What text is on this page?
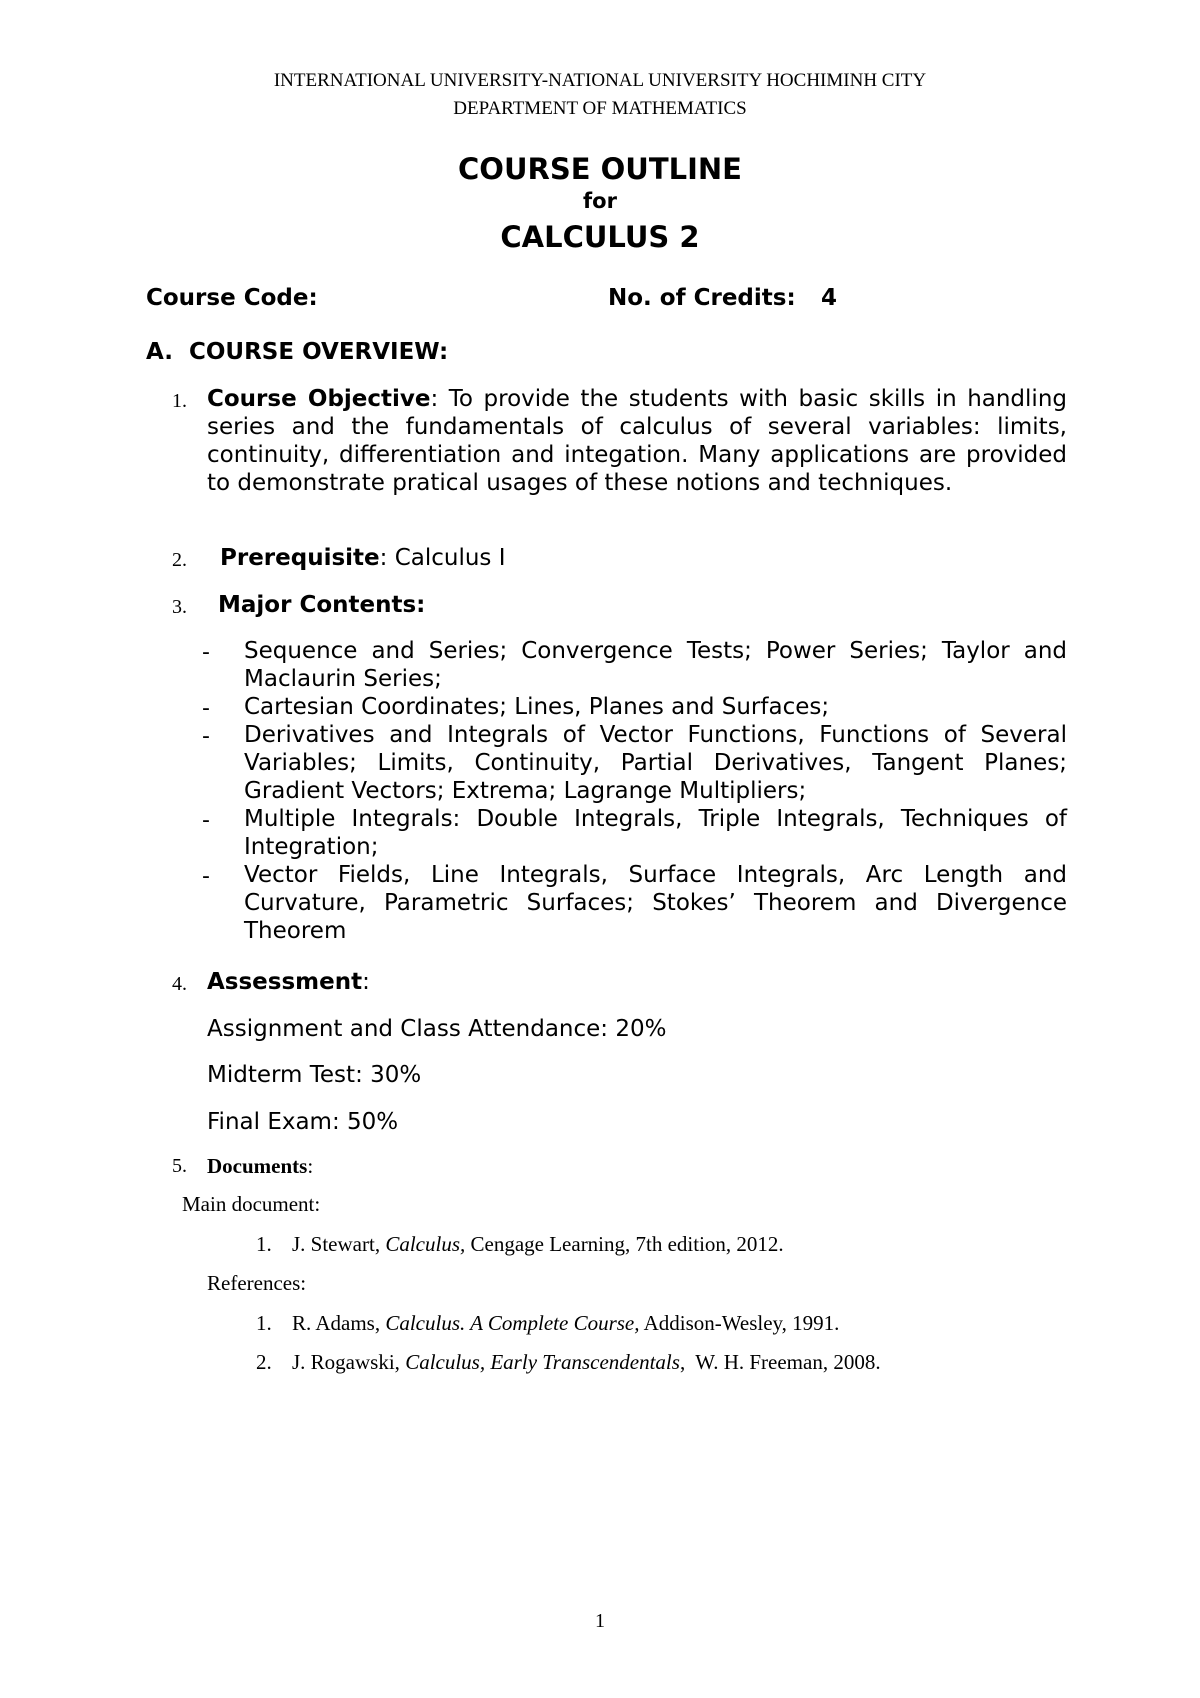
INTERNATIONAL UNIVERSITY-NATIONAL UNIVERSITY HOCHIMINH CITY
DEPARTMENT OF MATHEMATICS
COURSE OUTLINE
for
CALCULUS 2
Course Code:	No. of Credits: 4
A.  COURSE OVERVIEW:
1. Course Objective: To provide the students with basic skills in handling series and the fundamentals of calculus of several variables: limits, continuity, differentiation and integation. Many applications are provided to demonstrate pratical usages of these notions and techniques.
2. Prerequisite: Calculus I
3. Major Contents:
- Sequence and Series; Convergence Tests; Power Series; Taylor and Maclaurin Series;
- Cartesian Coordinates; Lines, Planes and Surfaces;
- Derivatives and Integrals of Vector Functions, Functions of Several Variables; Limits, Continuity, Partial Derivatives, Tangent Planes; Gradient Vectors; Extrema; Lagrange Multipliers;
- Multiple Integrals: Double Integrals, Triple Integrals, Techniques of Integration;
- Vector Fields, Line Integrals, Surface Integrals, Arc Length and Curvature, Parametric Surfaces; Stokes’ Theorem and Divergence Theorem
4. Assessment:
Assignment and Class Attendance: 20%
Midterm Test: 30%
Final Exam: 50%
5. Documents:
Main document:
1. J. Stewart, Calculus, Cengage Learning, 7th edition, 2012.
References:
1. R. Adams, Calculus. A Complete Course, Addison-Wesley, 1991.
2. J. Rogawski, Calculus, Early Transcendentals,  W. H. Freeman, 2008.
1
